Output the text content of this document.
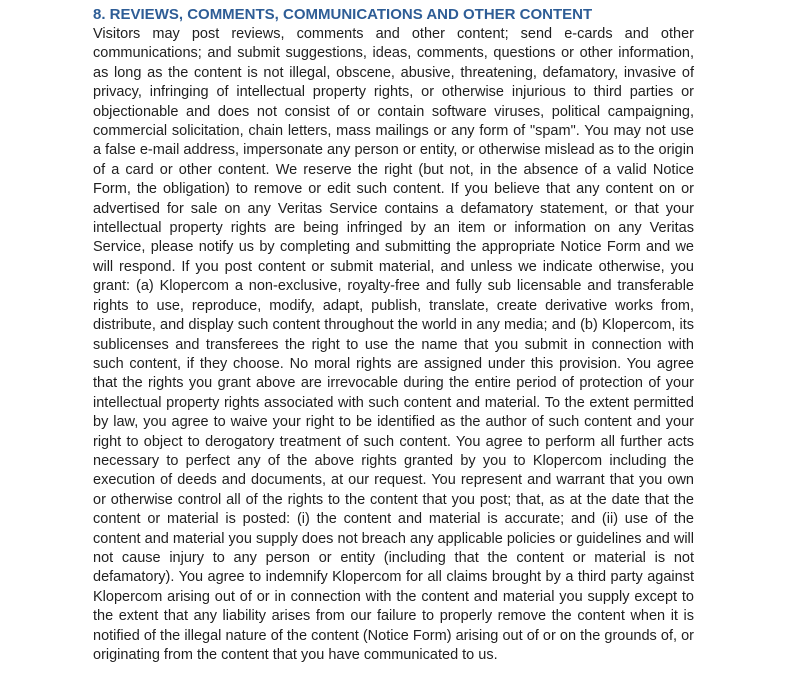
8. REVIEWS, COMMENTS, COMMUNICATIONS AND OTHER CONTENT

Visitors may post reviews, comments and other content; send e-cards and other communications; and submit suggestions, ideas, comments, questions or other information, as long as the content is not illegal, obscene, abusive, threatening, defamatory, invasive of privacy, infringing of intellectual property rights, or otherwise injurious to third parties or objectionable and does not consist of or contain software viruses, political campaigning, commercial solicitation, chain letters, mass mailings or any form of "spam". You may not use a false e-mail address, impersonate any person or entity, or otherwise mislead as to the origin of a card or other content. We reserve the right (but not, in the absence of a valid Notice Form, the obligation) to remove or edit such content. If you believe that any content on or advertised for sale on any Veritas Service contains a defamatory statement, or that your intellectual property rights are being infringed by an item or information on any Veritas Service, please notify us by completing and submitting the appropriate Notice Form and we will respond. If you post content or submit material, and unless we indicate otherwise, you grant: (a) Klopercom a non-exclusive, royalty-free and fully sub licensable and transferable rights to use, reproduce, modify, adapt, publish, translate, create derivative works from, distribute, and display such content throughout the world in any media; and (b) Klopercom, its sublicenses and transferees the right to use the name that you submit in connection with such content, if they choose. No moral rights are assigned under this provision. You agree that the rights you grant above are irrevocable during the entire period of protection of your intellectual property rights associated with such content and material. To the extent permitted by law, you agree to waive your right to be identified as the author of such content and your right to object to derogatory treatment of such content. You agree to perform all further acts necessary to perfect any of the above rights granted by you to Klopercom including the execution of deeds and documents, at our request. You represent and warrant that you own or otherwise control all of the rights to the content that you post; that, as at the date that the content or material is posted: (i) the content and material is accurate; and (ii) use of the content and material you supply does not breach any applicable policies or guidelines and will not cause injury to any person or entity (including that the content or material is not defamatory). You agree to indemnify Klopercom for all claims brought by a third party against Klopercom arising out of or in connection with the content and material you supply except to the extent that any liability arises from our failure to properly remove the content when it is notified of the illegal nature of the content (Notice Form) arising out of or on the grounds of, or originating from the content that you have communicated to us.
